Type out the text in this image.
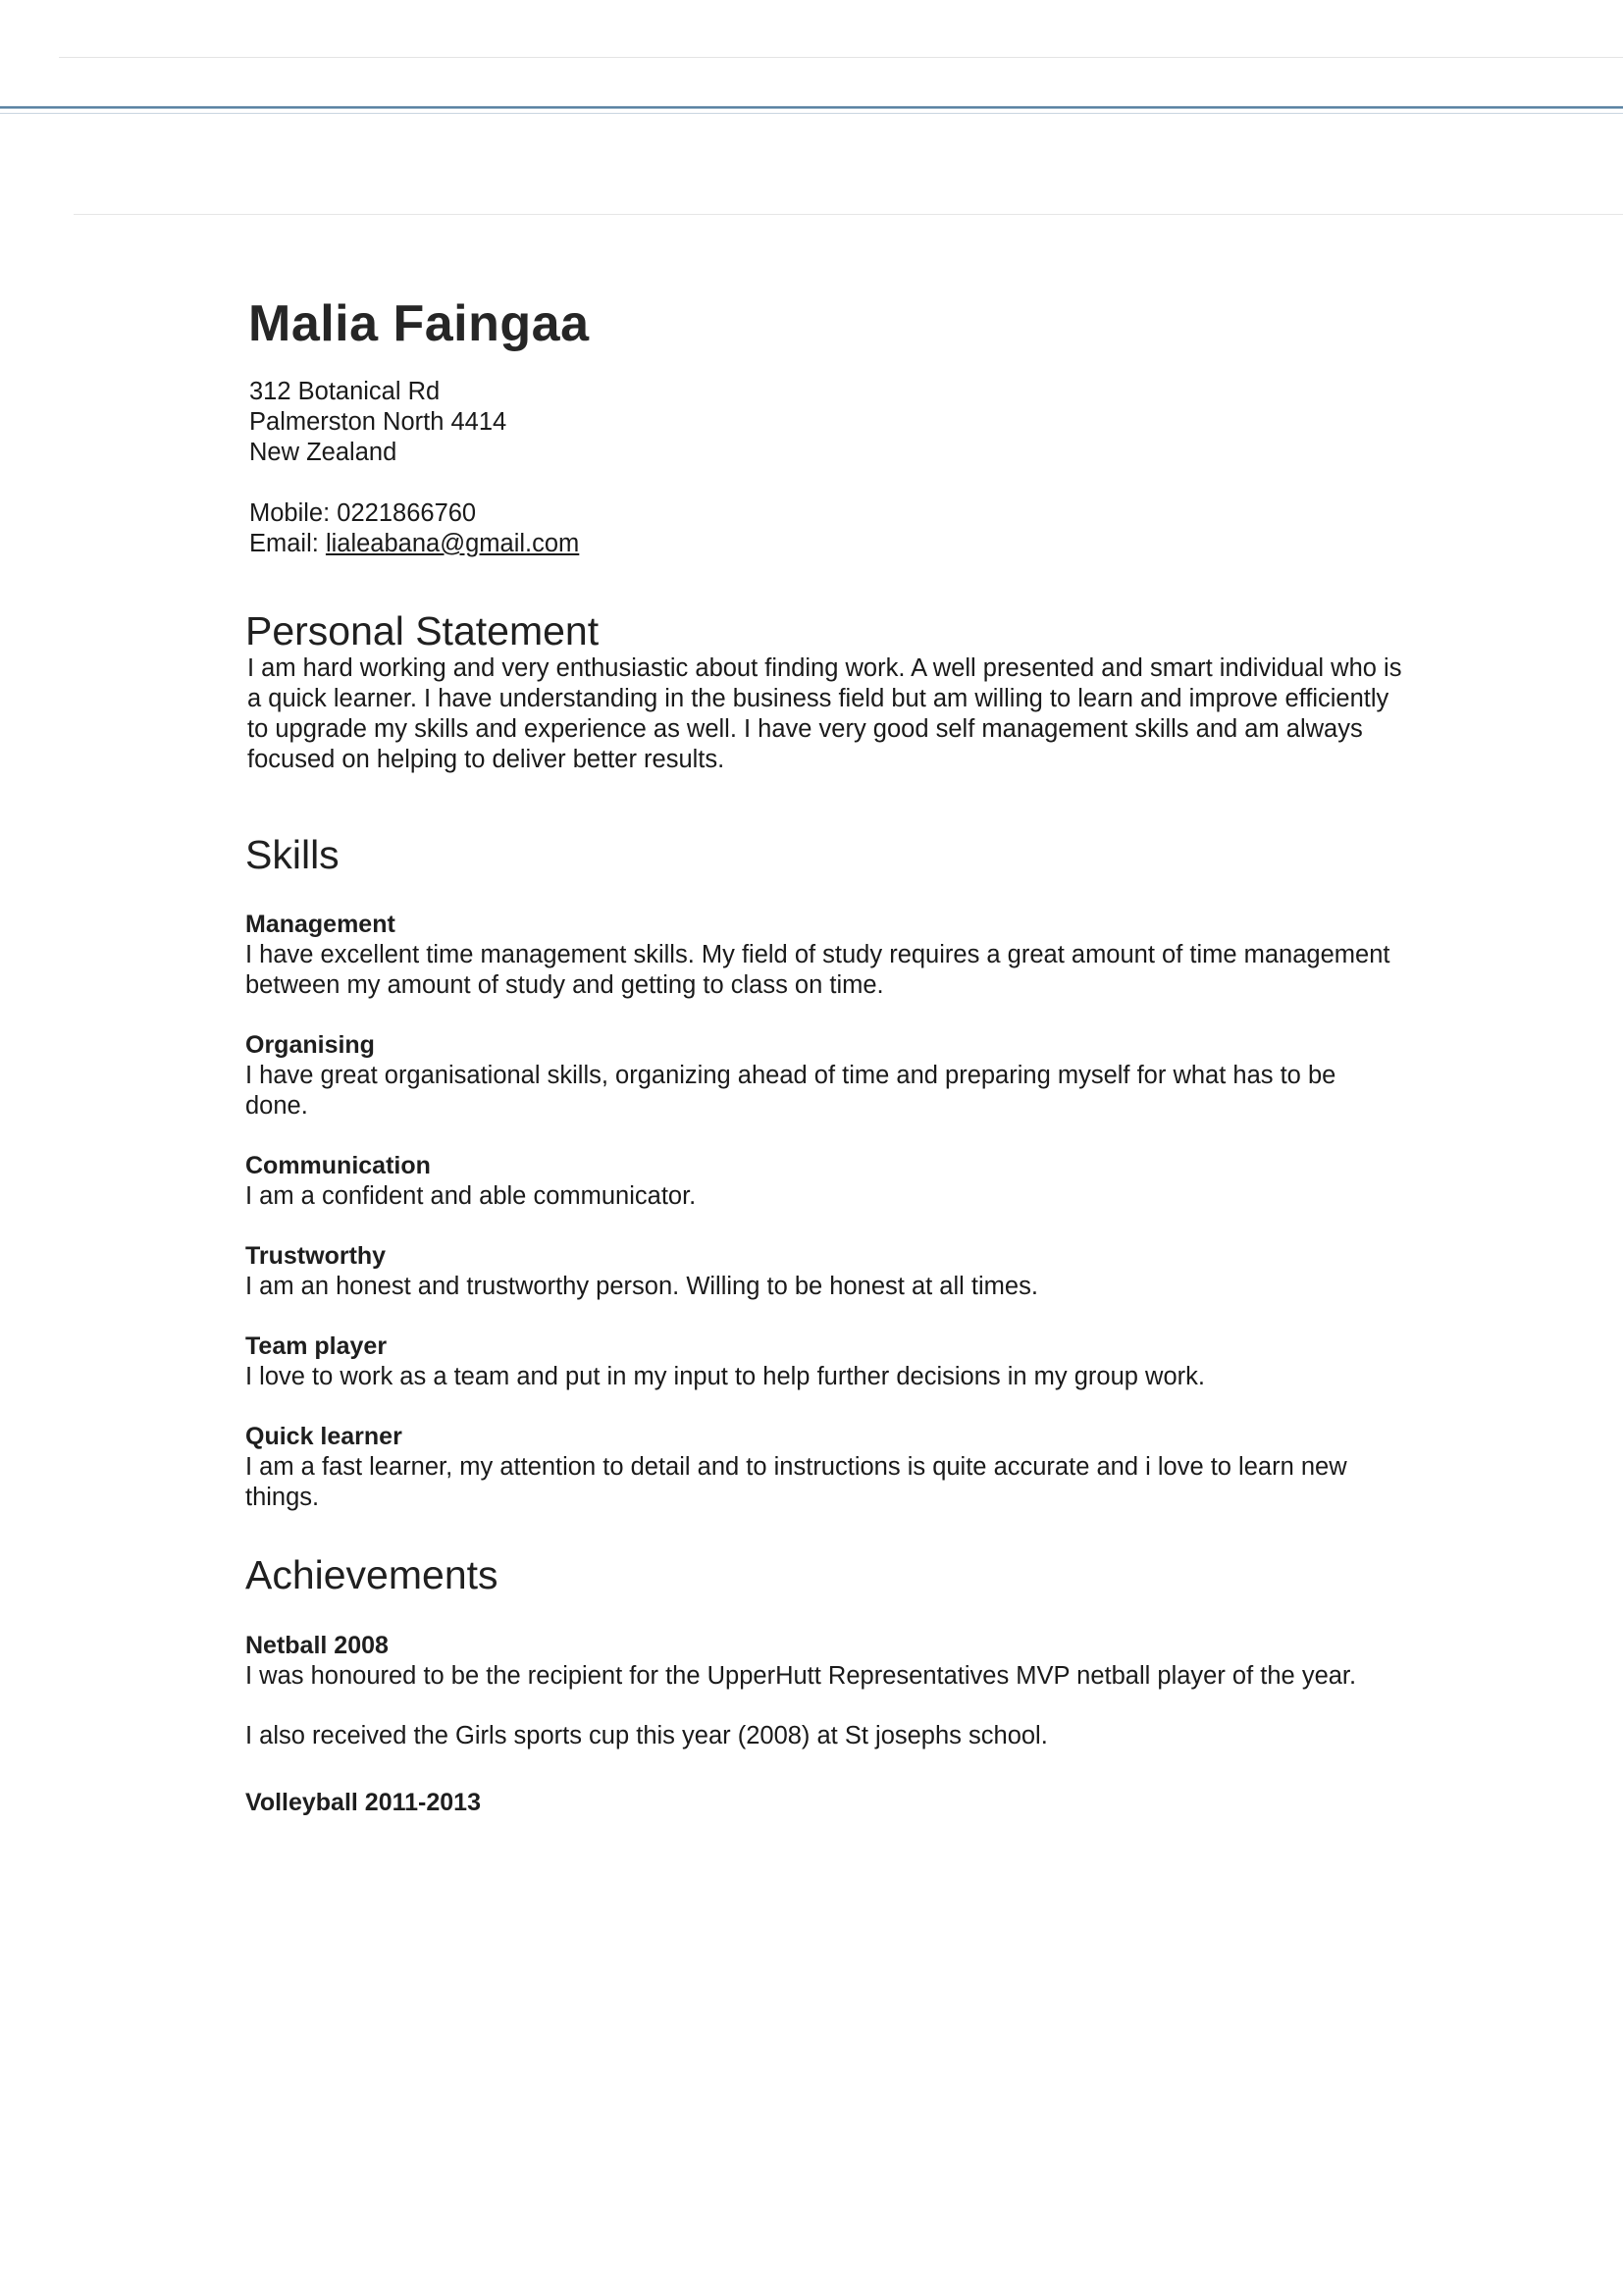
Malia Faingaa
312 Botanical Rd
Palmerston North 4414
New Zealand
Mobile: 0221866760
Email: lialeabana@gmail.com
Personal Statement

I am hard working and very enthusiastic about finding work. A well presented and smart individual who is a quick learner. I have understanding in the business field but am willing to learn and improve efficiently to upgrade my skills and experience as well. I have very good self management skills and am always focused on helping to deliver better results.

Skills
Management
I have excellent time management skills. My field of study requires a great amount of time management between my amount of study and getting to class on time.
Organising
I have great organisational skills, organizing ahead of time and preparing myself for what has to be done.
Communication
I am a confident and able communicator.
Trustworthy
I am an honest and trustworthy person. Willing to be honest at all times.
Team player
I love to work as a team and put in my input to help further decisions in my group work.
Quick learner
I am a fast learner, my attention to detail and to instructions is quite accurate and i love to learn new things.
Achievements
Netball 2008
I was honoured to be the recipient for the UpperHutt Representatives MVP netball player of the year.
I also received the Girls sports cup this year (2008) at St josephs school.
Volleyball 2011-2013
